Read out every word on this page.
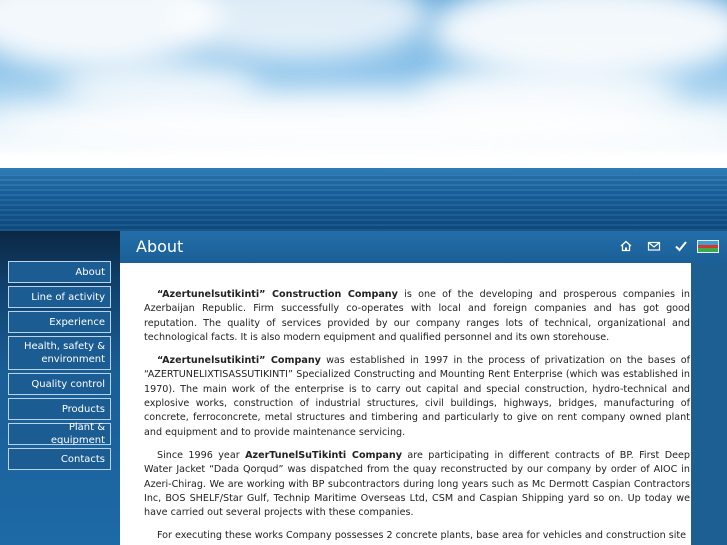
About
Line of activity
Experience
Health, safety & environment
Quality control
Products
Plant & equipment
Contacts
About

“Azertunelsutikinti” Construction Company is one of the developing and prosperous companies in Azerbaijan Republic. Firm successfully co-operates with local and foreign companies and has got good reputation. The quality of services provided by our company ranges lots of technical, organizational and technological facts. It is also modern equipment and qualified personnel and its own storehouse.

“Azertunelsutikinti” Company was established in 1997 in the process of privatization on the bases of “AZERTUNELIXTISASSUTIKINTI” Specialized Constructing and Mounting Rent Enterprise (which was established in 1970). The main work of the enterprise is to carry out capital and special construction, hydro-technical and explosive works, construction of industrial structures, civil buildings, highways, bridges, manufacturing of concrete, ferroconcrete, metal structures and timbering and particularly to give on rent company owned plant and equipment and to provide maintenance servicing.

Since 1996 year AzerTunelSuTikinti Company are participating in different contracts of BP. First Deep Water Jacket “Dada Qorqud” was dispatched from the quay reconstructed by our company by order of AIOC in Azeri-Chirag. We are working with BP subcontractors during long years such as Mc Dermott Caspian Contractors Inc, BOS SHELF/Star Gulf, Technip Maritime Overseas Ltd, CSM and Caspian Shipping yard so on. Up today we have carried out several projects with these companies.

For executing these works Company possesses 2 concrete plants, base area for vehicles and construction site
